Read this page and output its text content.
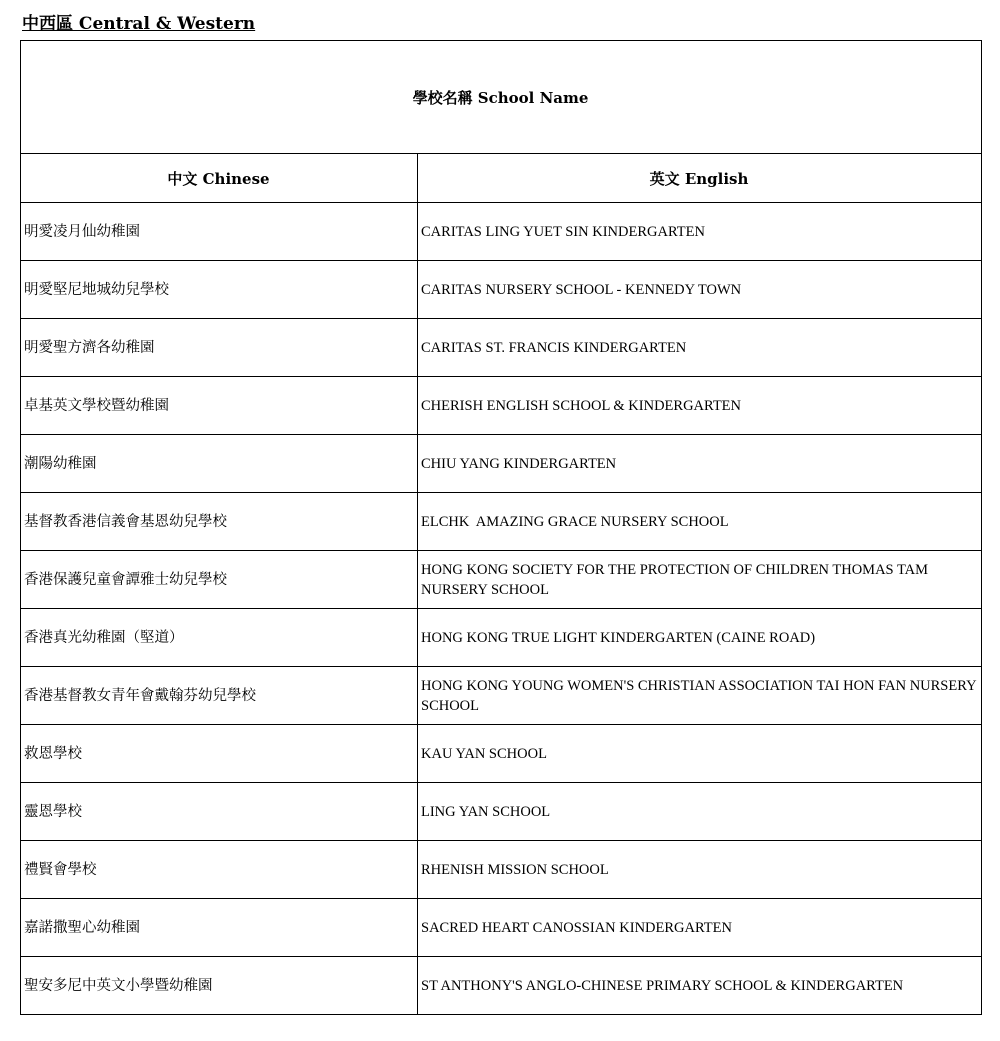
中西區 Central & Western
學校名稱 School Name	
中文 Chinese	英文 English
明愛凌月仙幼稚園	CARITAS LING YUET SIN KINDERGARTEN
明愛堅尼地城幼兒學校	CARITAS NURSERY SCHOOL - KENNEDY TOWN
明愛聖方濟各幼稚園	CARITAS ST. FRANCIS KINDERGARTEN
卓基英文學校暨幼稚園	CHERISH ENGLISH SCHOOL & KINDERGARTEN
潮陽幼稚園	CHIU YANG KINDERGARTEN
基督教香港信義會基恩幼兒學校	ELCHK  AMAZING GRACE NURSERY SCHOOL
香港保護兒童會譚雅士幼兒學校	HONG KONG SOCIETY FOR THE PROTECTION OF CHILDREN THOMAS TAM NURSERY SCHOOL
香港真光幼稚園（堅道）	HONG KONG TRUE LIGHT KINDERGARTEN (CAINE ROAD)
香港基督教女青年會戴翰芬幼兒學校	HONG KONG YOUNG WOMEN'S CHRISTIAN ASSOCIATION TAI HON FAN NURSERY SCHOOL
救恩學校	KAU YAN SCHOOL
靈恩學校	LING YAN SCHOOL
禮賢會學校	RHENISH MISSION SCHOOL
嘉諾撒聖心幼稚園	SACRED HEART CANOSSIAN KINDERGARTEN
聖安多尼中英文小學暨幼稚園	ST ANTHONY'S ANGLO-CHINESE PRIMARY SCHOOL & KINDERGARTEN
